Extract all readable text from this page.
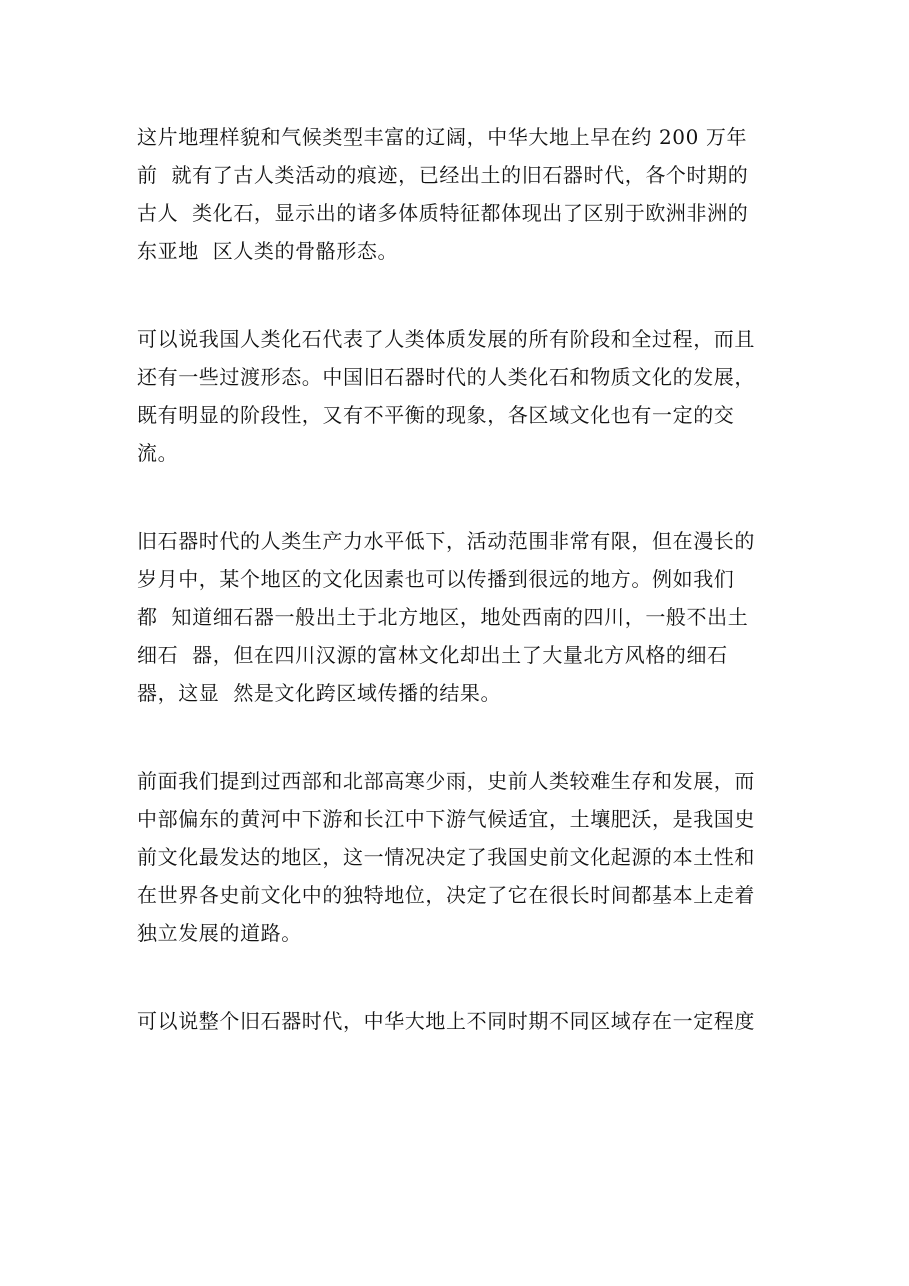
这片地理样貌和气候类型丰富的辽阔，中华大地上早在约 200 万年
前  就有了古人类活动的痕迹，已经出土的旧石器时代，各个时期的
古人  类化石，显示出的诸多体质特征都体现出了区别于欧洲非洲的
东亚地  区人类的骨骼形态。
可以说我国人类化石代表了人类体质发展的所有阶段和全过程，而且
还有一些过渡形态。中国旧石器时代的人类化石和物质文化的发展，
既有明显的阶段性，又有不平衡的现象，各区域文化也有一定的交
流。
旧石器时代的人类生产力水平低下，活动范围非常有限，但在漫长的
岁月中，某个地区的文化因素也可以传播到很远的地方。例如我们
都  知道细石器一般出土于北方地区，地处西南的四川，一般不出土
细石  器，但在四川汉源的富林文化却出土了大量北方风格的细石
器，这显  然是文化跨区域传播的结果。
前面我们提到过西部和北部高寒少雨，史前人类较难生存和发展，而
中部偏东的黄河中下游和长江中下游气候适宜，土壤肥沃，是我国史
前文化最发达的地区，这一情况决定了我国史前文化起源的本土性和
在世界各史前文化中的独特地位，决定了它在很长时间都基本上走着
独立发展的道路。
可以说整个旧石器时代，中华大地上不同时期不同区域存在一定程度
